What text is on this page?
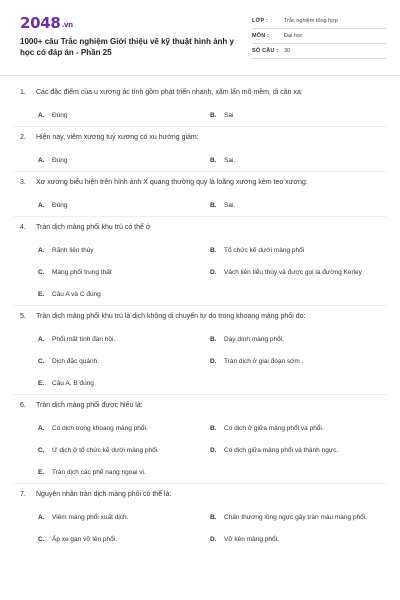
2048.vn
1000+ câu Trắc nghiệm Giới thiệu về kỹ thuật hình ảnh y học có đáp án - Phần 25
LỚP :	Trắc nghiệm tổng hợp
MÔN :	Đại học
SỐ CÂU :	30
1.	Các đặc điểm của u xương ác tính gồm phát triển nhanh, xâm lấn mô mềm, di căn xa:
A.	Đúng	B.	Sai
2.	Hiện nay, viêm xương tuỷ xương có xu hướng giảm:
A.	Đúng	B.	Sai.
3.	Xơ xương biểu hiện trên hình ảnh X quang thường quy là loãng xương kèm teo xương:
A.	Đúng	B.	Sai.
4.	Tràn dịch màng phổi khu trú có thể ở
A.	Rãnh liên thùy	B.	Tổ chức kẽ dưới màng phổi
C.	Màng phổi trung thất	D.	Vách liên tiểu thùy và được gọi là đường Kerley
E.	Câu A và C đúng
5.	Tràn dịch màng phổi khu trú là dịch không di chuyển tự do trong khoang màng phổi do:
A.	Phổi mất tính đàn hồi.	B.	Dày dính màng phổi.
C.	Dịch đặc quánh.	D.	Tràn dịch ở giai đoạn sớm .
E.	Câu A, B đúng
6.	Tràn dịch màng phổi được hiểu là:
A.	Có dịch trong khoang màng phổi.	B.	Có dịch ở giữa màng phổi và phổi.
C.	Ứ dịch ở tổ chức kẽ dưới màng phổi.	D.	Có dịch giữa màng phổi và thành ngực.
E.	Tràn dịch các phế nang ngoại vi.
7.	Nguyên nhân tràn dịch màng phổi có thể là:
A.	Viêm màng phổi xuất dịch.	B.	Chấn thương lồng ngực gây tràn máu màng phổi.
C.	Áp xe gan vỡ lên phổi.	D.	Vỡ kén màng phổi.
